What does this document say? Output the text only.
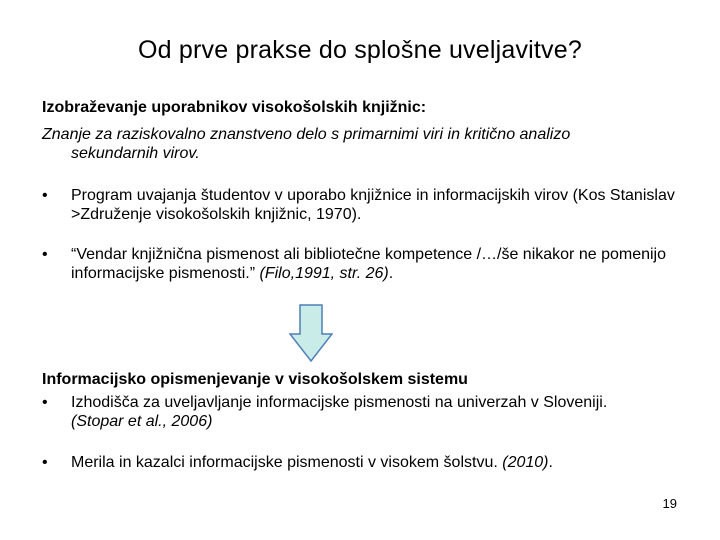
Od prve prakse do splošne uveljavitve?
Izobraževanje uporabnikov visokošolskih knjižnic:
Znanje za raziskovalno znanstveno delo s primarnimi viri in kritično analizo
sekundarnih virov.
•	Program uvajanja študentov v uporabo knjižnice in informacijskih virov (Kos Stanislav >Združenje visokošolskih knjižnic, 1970).
•	“Vendar knjižnična pismenost ali bibliotečne kompetence /…/še nikakor ne pomenijo informacijske pismenosti.” (Filo,1991, str. 26).
Informacijsko opismenjevanje v visokošolskem sistemu
•	Izhodišča za uveljavljanje informacijske pismenosti na univerzah v Sloveniji.
(Stopar et al., 2006)
•	Merila in kazalci informacijske pismenosti v visokem šolstvu. (2010).
19
